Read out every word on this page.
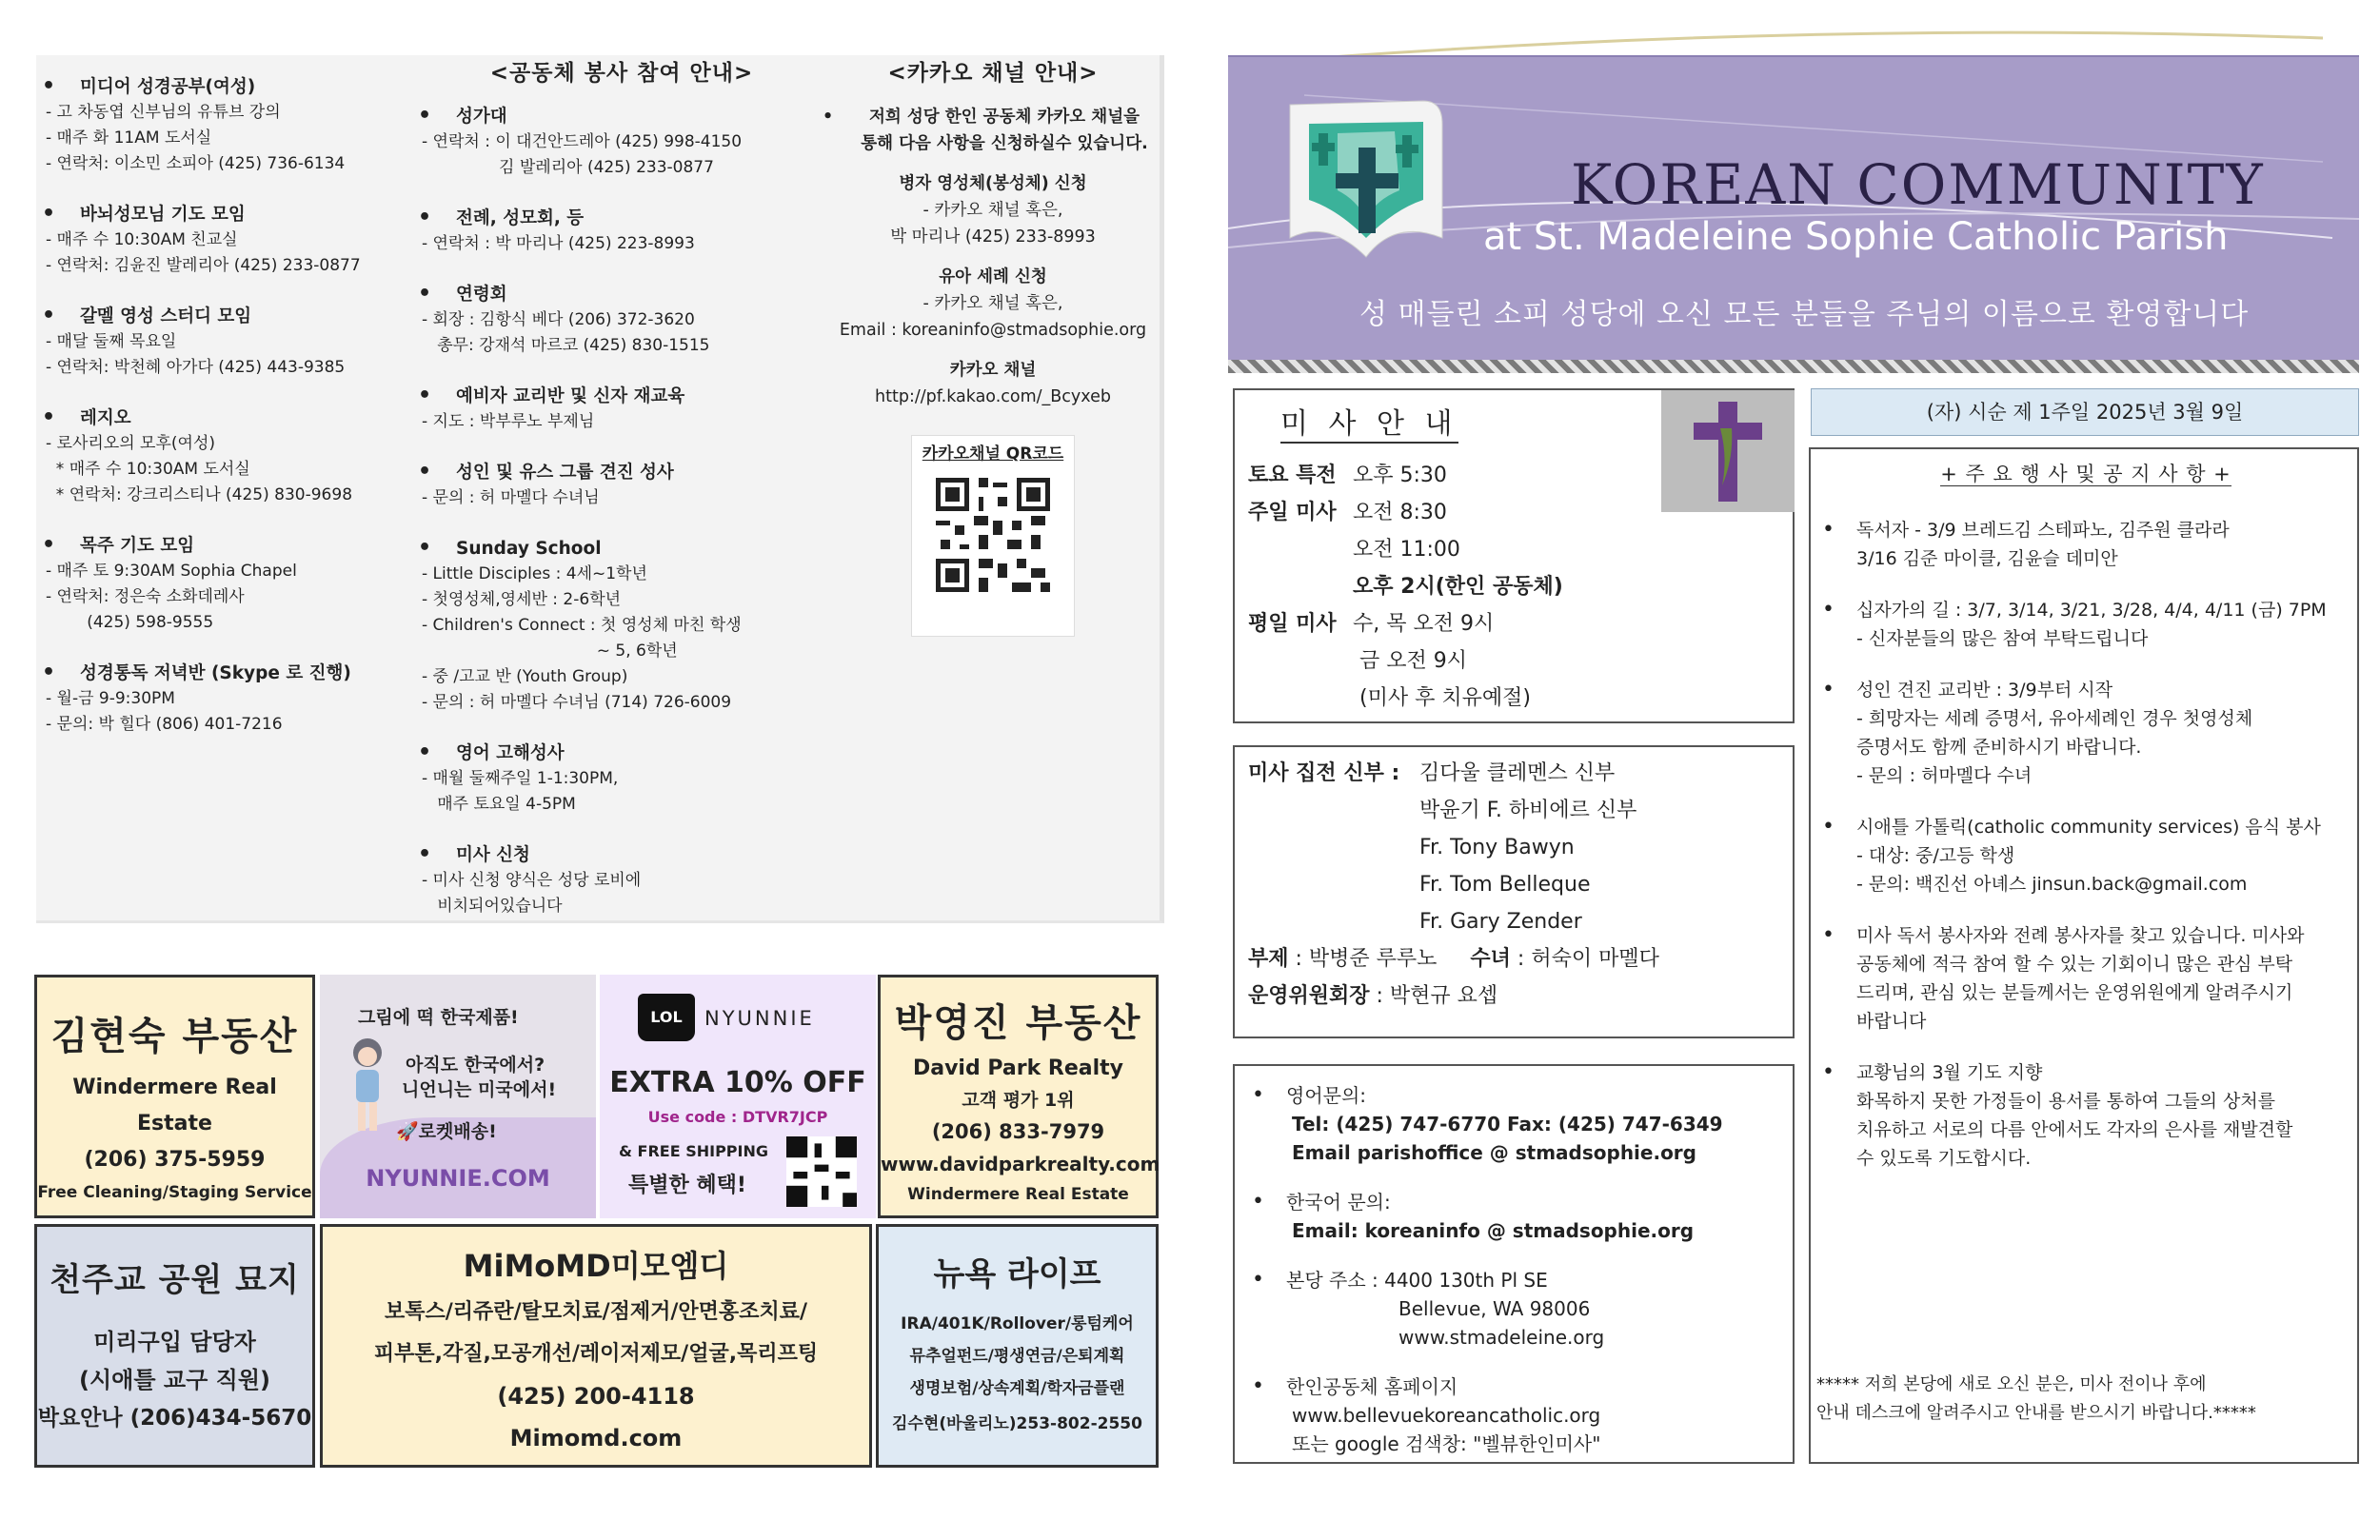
• 미디어 성경공부(여성)
- 고 차동엽 신부님의 유튜브 강의
- 매주 화 11AM 도서실
- 연락처: 이소민 소피아 (425) 736-6134
• 바뇌성모님 기도 모임
- 매주 수 10:30AM 친교실
- 연락처: 김윤진 발레리아 (425) 233-0877
• 갈멜 영성 스터디 모임
- 매달 둘째 목요일
- 연락처: 박천혜 아가다 (425) 443-9385
• 레지오
- 로사리오의 모후(여성)
* 매주 수 10:30AM 도서실
* 연락처: 강크리스티나 (425) 830-9698
• 목주 기도 모임
- 매주 토 9:30AM Sophia Chapel
- 연락처: 정은숙 소화데레사
(425) 598-9555
• 성경통독 저녁반 (Skype 로 진행)
- 월-금 9-9:30PM
- 문의: 박 힐다 (806) 401-7216
<공동체 봉사 참여 안내>
• 성가대
- 연락처 : 이 대건안드레아 (425) 998-4150
김 발레리아 (425) 233-0877
• 전례, 성모회, 등
- 연락처 : 박 마리나 (425) 223-8993
• 연령회
- 회장 : 김항식 베다 (206) 372-3620
총무: 강재석 마르코 (425) 830-1515
• 예비자 교리반 및 신자 재교육
- 지도 : 박부루노 부제님
• 성인 및 유스 그룹 견진 성사
- 문의 : 허 마멜다 수녀님
• Sunday School
- Little Disciples : 4세~1학년
- 첫영성체,영세반 : 2-6학년
- Children's Connect : 첫 영성체 마친 학생
~ 5, 6학년
- 중 /고교 반 (Youth Group)
- 문의 : 허 마멜다 수녀님 (714) 726-6009
• 영어 고해성사
- 매월 둘째주일 1-1:30PM,
매주 토요일 4-5PM
• 미사 신청
- 미사 신청 양식은 성당 로비에
비치되어있습니다
<카카오 채널 안내>
•	저희 성당 한인 공동체 카카오 채널을
통해 다음 사항을 신청하실수 있습니다.
병자 영성체(봉성체) 신청
- 카카오 채널 혹은,
박 마리나 (425) 233-8993
유아 세례 신청
- 카카오 채널 혹은,
Email : koreaninfo@stmadsophie.org
카카오 채널
http://pf.kakao.com/_Bcyxeb
카카오채널 QR코드
김현숙 부동산
Windermere Real Estate
(206) 375-5959
Free Cleaning/Staging Service
그림에 떡 한국제품!
아직도 한국에서?
니언니는 미국에서!
🚀로켓배송!
NYUNNIE.COM
LOL	NYUNNIE
EXTRA 10% OFF
Use code : DTVR7JCP
& FREE SHIPPING
특별한 혜택!
박영진 부동산
David Park Realty
고객 평가 1위
(206) 833-7979
www.davidparkrealty.com
Windermere Real Estate
천주교 공원 묘지
미리구입 담당자
(시애틀 교구 직원)
박요안나 (206)434-5670
MiMoMD미모엠디
보톡스/리쥬란/탈모치료/점제거/안면홍조치료/
피부톤,각질,모공개선/레이저제모/얼굴,목리프팅
(425) 200-4118
Mimomd.com
뉴욕 라이프
IRA/401K/Rollover/롱텀케어
뮤추얼펀드/평생연금/은퇴계획
생명보험/상속계획/학자금플랜
김수현(바울리노)253-802-2550
KOREAN COMMUNITY
at St. Madeleine Sophie Catholic Parish
성 매들린 소피 성당에 오신 모든 분들을 주님의 이름으로 환영합니다
미 사 안 내
토요 특전 오후 5:30
주일 미사 오전 8:30
오전 11:00
오후 2시(한인 공동체)
평일 미사 수, 목 오전 9시
금 오전 9시
(미사 후 치유예절)
미사 집전 신부 : 김다울 클레멘스 신부
박윤기 F. 하비에르 신부
Fr. Tony Bawyn
Fr. Tom Belleque
Fr. Gary Zender
부제 : 박병준 루루노 수녀 : 허숙이 마멜다
운영위원회장 : 박현규 요셉
• 영어문의:
Tel: (425) 747-6770 Fax: (425) 747-6349
Email parishoffice @ stmadsophie.org
• 한국어 문의:
Email: koreaninfo @ stmadsophie.org
• 본당 주소 : 4400 130th Pl SE
Bellevue, WA 98006
www.stmadeleine.org
• 한인공동체 홈페이지
www.bellevuekoreancatholic.org
또는 google 검색창: "벨뷰한인미사"
(자) 시순 제 1주일 2025년 3월 9일
+ 주 요 행 사 및 공 지 사 항 +
• 독서자 - 3/9 브레드김 스테파노, 김주원 클라라
3/16 김준 마이클, 김윤슬 데미안
• 십자가의 길 : 3/7, 3/14, 3/21, 3/28, 4/4, 4/11 (금) 7PM
- 신자분들의 많은 참여 부탁드립니다
• 성인 견진 교리반 : 3/9부터 시작
- 희망자는 세례 증명서, 유아세례인 경우 첫영성체
증명서도 함께 준비하시기 바랍니다.
- 문의 : 허마멜다 수녀
• 시애틀 가톨릭(catholic community services) 음식 봉사
- 대상: 중/고등 학생
- 문의: 백진선 아녜스 jinsun.back@gmail.com
• 미사 독서 봉사자와 전례 봉사자를 찾고 있습니다. 미사와
공동체에 적극 참여 할 수 있는 기회이니 많은 관심 부탁
드리며, 관심 있는 분들께서는 운영위원에게 알려주시기
바랍니다
• 교황님의 3월 기도 지향
화목하지 못한 가정들이 용서를 통하여 그들의 상처를
치유하고 서로의 다름 안에서도 각자의 은사를 재발견할
수 있도록 기도합시다.
***** 저희 본당에 새로 오신 분은, 미사 전이나 후에
안내 데스크에 알려주시고 안내를 받으시기 바랍니다.*****
